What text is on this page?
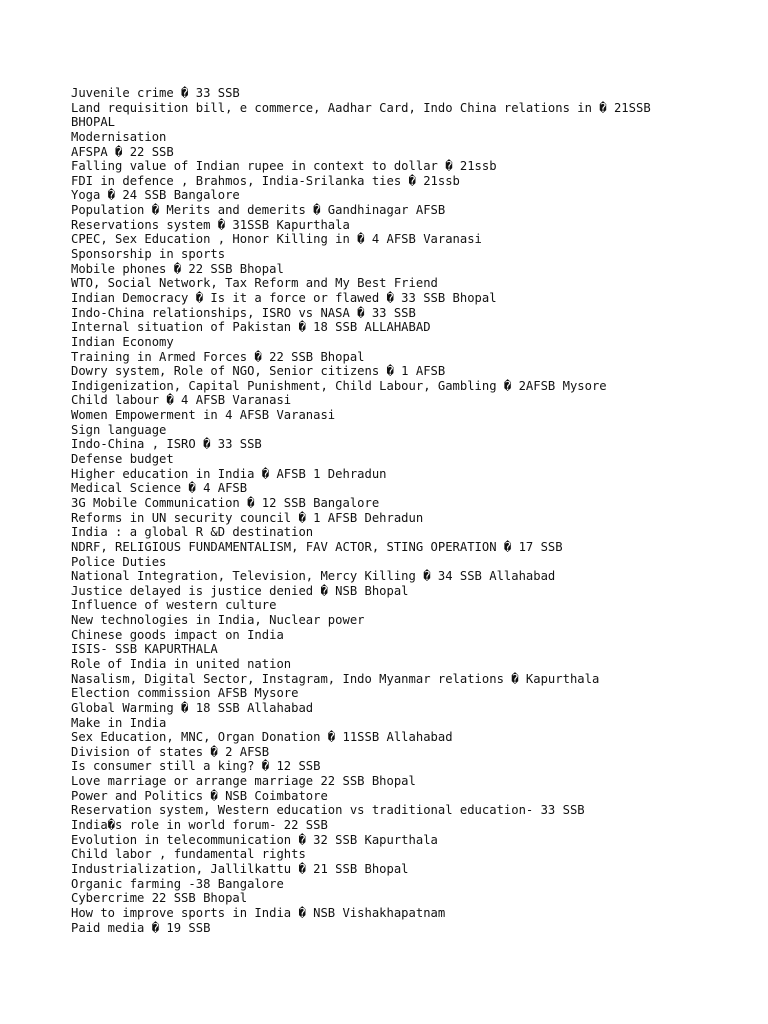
Juvenile crime � 33 SSB
Land requisition bill, e commerce, Aadhar Card, Indo China relations in � 21SSB
BHOPAL
Modernisation
AFSPA � 22 SSB
Falling value of Indian rupee in context to dollar � 21ssb
FDI in defence , Brahmos, India-Srilanka ties � 21ssb
Yoga � 24 SSB Bangalore
Population � Merits and demerits � Gandhinagar AFSB
Reservations system � 31SSB Kapurthala
CPEC, Sex Education , Honor Killing in � 4 AFSB Varanasi
Sponsorship in sports
Mobile phones � 22 SSB Bhopal
WTO, Social Network, Tax Reform and My Best Friend
Indian Democracy � Is it a force or flawed � 33 SSB Bhopal
Indo-China relationships, ISRO vs NASA � 33 SSB
Internal situation of Pakistan � 18 SSB ALLAHABAD
Indian Economy
Training in Armed Forces � 22 SSB Bhopal
Dowry system, Role of NGO, Senior citizens � 1 AFSB
Indigenization, Capital Punishment, Child Labour, Gambling � 2AFSB Mysore
Child labour � 4 AFSB Varanasi
Women Empowerment in 4 AFSB Varanasi
Sign language
Indo-China , ISRO � 33 SSB
Defense budget
Higher education in India � AFSB 1 Dehradun
Medical Science � 4 AFSB
3G Mobile Communication � 12 SSB Bangalore
Reforms in UN security council � 1 AFSB Dehradun
India : a global R &D destination
NDRF, RELIGIOUS FUNDAMENTALISM, FAV ACTOR, STING OPERATION � 17 SSB
Police Duties
National Integration, Television, Mercy Killing � 34 SSB Allahabad
Justice delayed is justice denied � NSB Bhopal
Influence of western culture
New technologies in India, Nuclear power
Chinese goods impact on India
ISIS- SSB KAPURTHALA
Role of India in united nation
Nasalism, Digital Sector, Instagram, Indo Myanmar relations � Kapurthala
Election commission AFSB Mysore
Global Warming � 18 SSB Allahabad
Make in India
Sex Education, MNC, Organ Donation � 11SSB Allahabad
Division of states � 2 AFSB
Is consumer still a king? � 12 SSB
Love marriage or arrange marriage 22 SSB Bhopal
Power and Politics � NSB Coimbatore
Reservation system, Western education vs traditional education- 33 SSB
India�s role in world forum- 22 SSB
Evolution in telecommunication � 32 SSB Kapurthala
Child labor , fundamental rights
Industrialization, Jallilkattu � 21 SSB Bhopal
Organic farming -38 Bangalore
Cybercrime 22 SSB Bhopal
How to improve sports in India � NSB Vishakhapatnam
Paid media � 19 SSB
